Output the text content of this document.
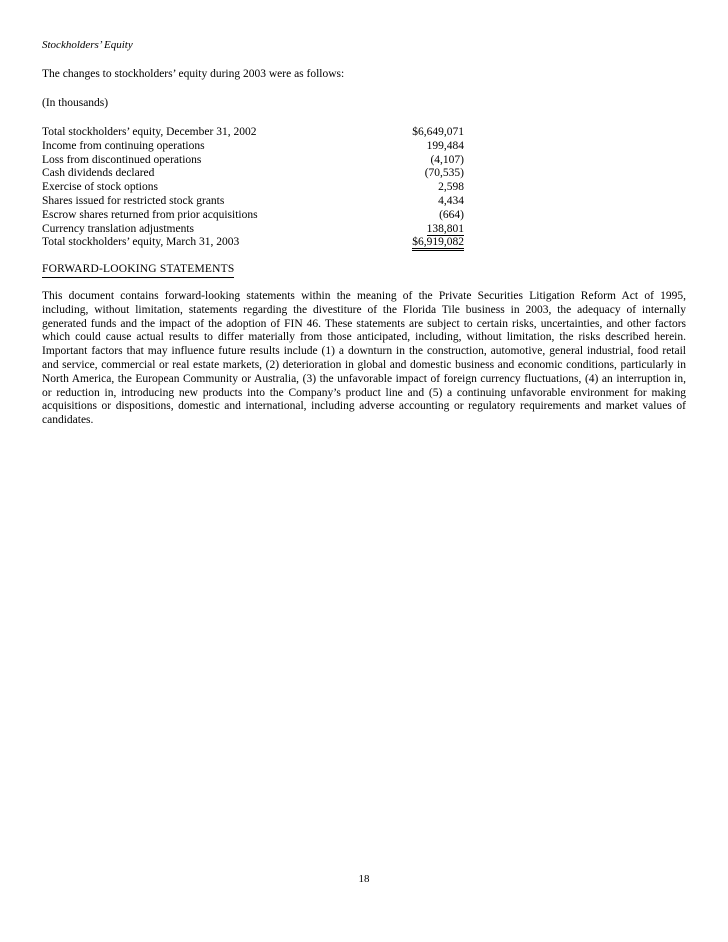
Stockholders’ Equity
The changes to stockholders’ equity during 2003 were as follows:
(In thousands)
Total stockholders’ equity, December 31, 2002	$6,649,071
Income from continuing operations	199,484
Loss from discontinued operations	(4,107)
Cash dividends declared	(70,535)
Exercise of stock options	2,598
Shares issued for restricted stock grants	4,434
Escrow shares returned from prior acquisitions	(664)
Currency translation adjustments	138,801
Total stockholders’ equity, March 31, 2003	$6,919,082
FORWARD-LOOKING STATEMENTS
This document contains forward-looking statements within the meaning of the Private Securities Litigation Reform Act of 1995, including, without limitation, statements regarding the divestiture of the Florida Tile business in 2003, the adequacy of internally generated funds and the impact of the adoption of FIN 46. These statements are subject to certain risks, uncertainties, and other factors which could cause actual results to differ materially from those anticipated, including, without limitation, the risks described herein. Important factors that may influence future results include (1) a downturn in the construction, automotive, general industrial, food retail and service, commercial or real estate markets, (2) deterioration in global and domestic business and economic conditions, particularly in North America, the European Community or Australia, (3) the unfavorable impact of foreign currency fluctuations, (4) an interruption in, or reduction in, introducing new products into the Company’s product line and (5) a continuing unfavorable environment for making acquisitions or dispositions, domestic and international, including adverse accounting or regulatory requirements and market values of candidates.
18
